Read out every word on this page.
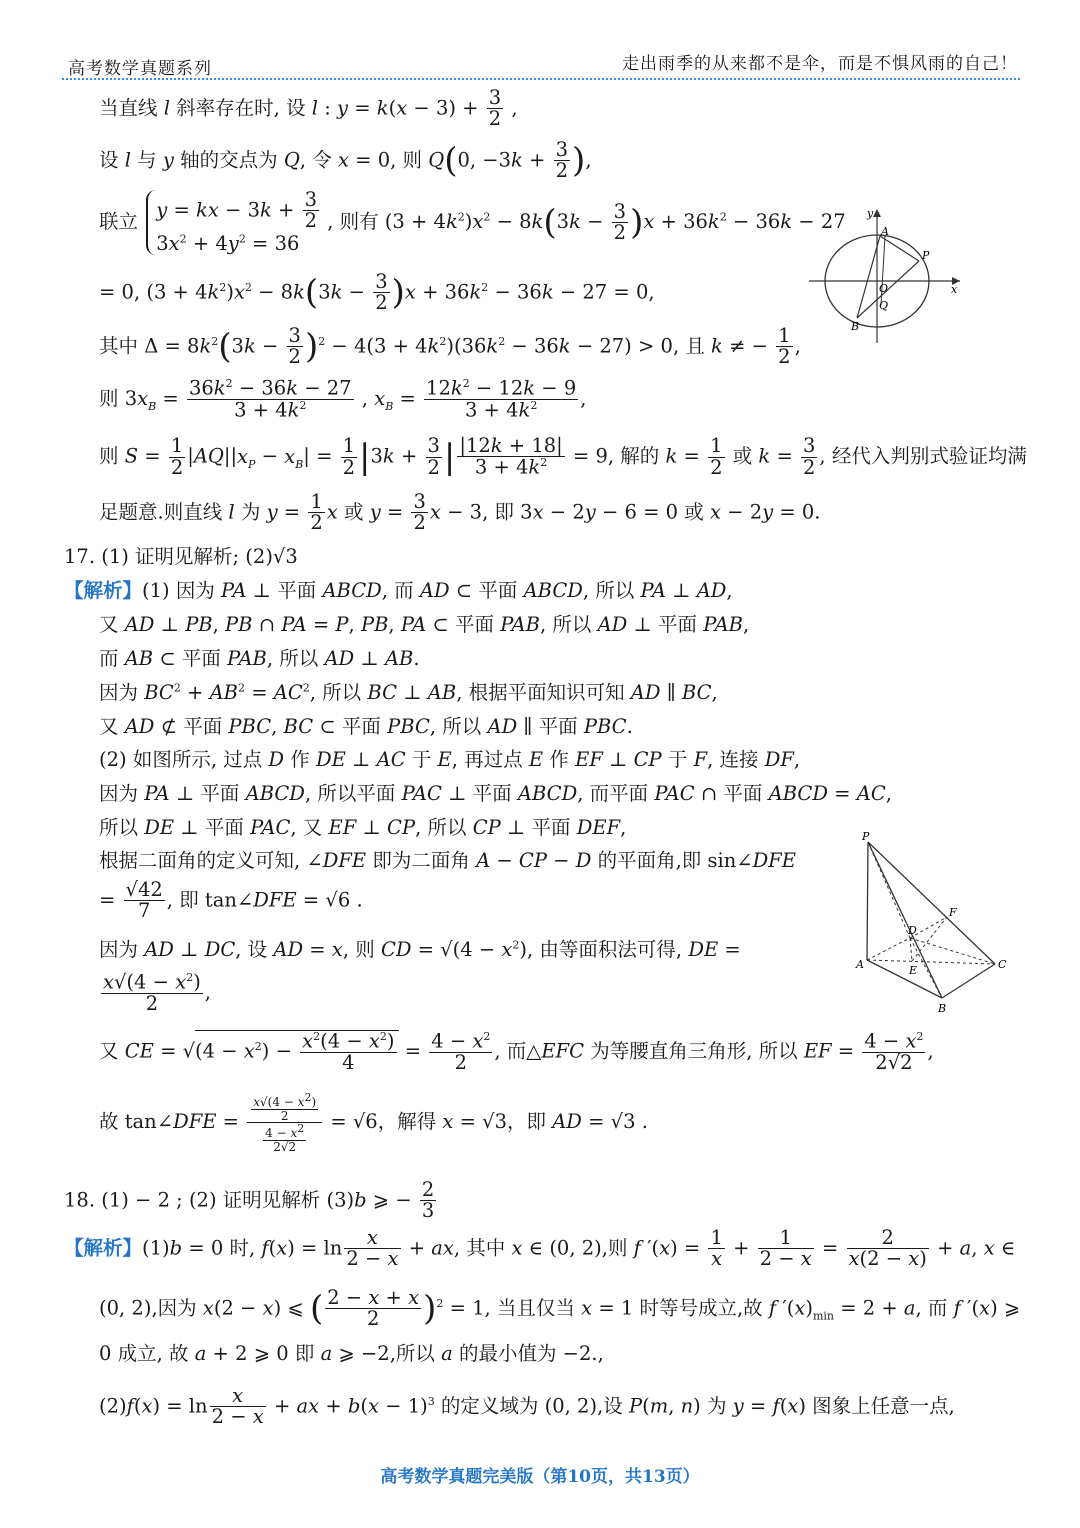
高考数学真题系列	走出雨季的从来都不是伞，而是不惧风雨的自己！
当直线 l 斜率存在时, 设 l : $y = k(x - 3) + \frac{3}{2}$ ,
设 l 与 y 轴的交点为 Q, 令 x = 0, 则 Q(0, $-3k + \frac{3}{2}$ ),
联立
y = kx − $3k + \frac{3}{2}$
$3x^2 + 4y^2 = 36$
, 则有 $(3 + 4k^2)x^2 - 8k(3k - \frac{3}{2} )x + 36k^2 - 36k - 27$
= 0, $(3 + 4k^2)x^2 - 8k(3k - \frac{3}{2} )x + 36k^2 - 36k - 27 = 0$,
其中 $\Delta = 8k^2(3k - \frac{3}{2} )^2 - 4(3 + 4k^2)(36k^2 - 36k - 27) > 0$, 且 k ≠ − $\frac{1}{2}$ ,
则 $3x_B = \frac{36k^2 - 36k - 27}{3 + 4k^2}$ , $x_B = \frac{12k^2 - 12k - 9}{3 + 4k^2}$ ,
则 $S = \frac{1}{2} |AQ||x_P - x_B| = \frac{1}{2} |3k + \frac{3}{2}$ | $\frac{|12k + 18|}{3 + 4k^2} = 9$, 解的 $k = \frac{1}{2}$ 或 $k = \frac{3}{2}$ , 经代入判别式验证均满
足题意.则直线 l 为 $y = \frac{1}{2}$ x 或 $y = \frac{3}{2}$ x − 3, 即 3x − 2y − 6 = 0 或 x − 2y = 0.
17. (1) 证明见解析; (2)√3
【解析】(1) 因为 PA ⊥ 平面 ABCD, 而 AD ⊂ 平面 ABCD, 所以 PA ⊥ AD,
又 AD ⊥ PB, PB ∩ PA = P, PB, PA ⊂ 平面 PAB, 所以 AD ⊥ 平面 PAB,
而 AB ⊂ 平面 PAB, 所以 AD ⊥ AB.
因为 $BC^2 + AB^2 = AC^2$, 所以 BC ⊥ AB, 根据平面知识可知 AD ∥ BC,
又 AD ⊄ 平面 PBC, BC ⊂ 平面 PBC, 所以 AD ∥ 平面 PBC.
(2) 如图所示, 过点 D 作 DE ⊥ AC 于 E, 再过点 E 作 EF ⊥ CP 于 F, 连接 DF,
因为 PA ⊥ 平面 ABCD, 所以平面 PAC ⊥ 平面 ABCD, 而平面 PAC ∩ 平面 ABCD = AC,
所以 DE ⊥ 平面 PAC, 又 EF ⊥ CP, 所以 CP ⊥ 平面 DEF,
根据二面角的定义可知, ∠DFE 即为二面角 A − CP − D 的平面角,即 sin∠DFE
= $\frac{√42}{7}$ , 即 tan∠DFE = √6 .
因为 AD ⊥ DC, 设 AD = x, 则 CD = $√(4 - x^2)$, 由等面积法可得, DE =
$\frac{x√(4 - x^2)}{2}$ ,
又 CE = $√(4 - x^2) - \frac{x^2(4 - x^2)}{4} = \frac{4 - x^2}{2}$ , 而△EFC 为等腰直角三角形, 所以 EF = $\frac{4 - x^2}{2√2}$ ,
故 tan∠DFE = $\frac{\frac{x√(4 - x^2)}{2}}{\frac{4 - x^2}{2√2}} = √6$，解得 x = √3，即 AD = √3 .
18. (1) − 2 ; (2) 证明见解析 (3)b ⩾ − $\frac{2}{3}$
【解析】(1)b = 0 时, $f(x) = \ln \frac{x}{2 - x}$ + ax, 其中 x ∈ (0, 2),则 f $'(x) = \frac{1}{x} + \frac{1}{2 - x} = \frac{2}{x(2 - x)} + a$, x ∈
(0, 2),因为 x(2 − x) ⩽ ( $\frac{2 - x + x}{2} )^2 = 1$, 当且仅当 x = 1 时等号成立,故 f $'(x)_{min} = 2 + a$, 而 f ′(x) ⩾
0 成立, 故 a + 2 ⩾ 0 即 a ⩾ −2,所以 a 的最小值为 −2.,
$(2)f(x) = \ln \frac{x}{2 - x}$ + ax + $b(x - 1)^3$ 的定义域为 (0, 2),设 P(m, n) 为 y = f(x) 图象上任意一点,
y
A
P
O
Q
B
x
P
F
D
A	E	C
B
高考数学真题完美版（第10页，共13页）
